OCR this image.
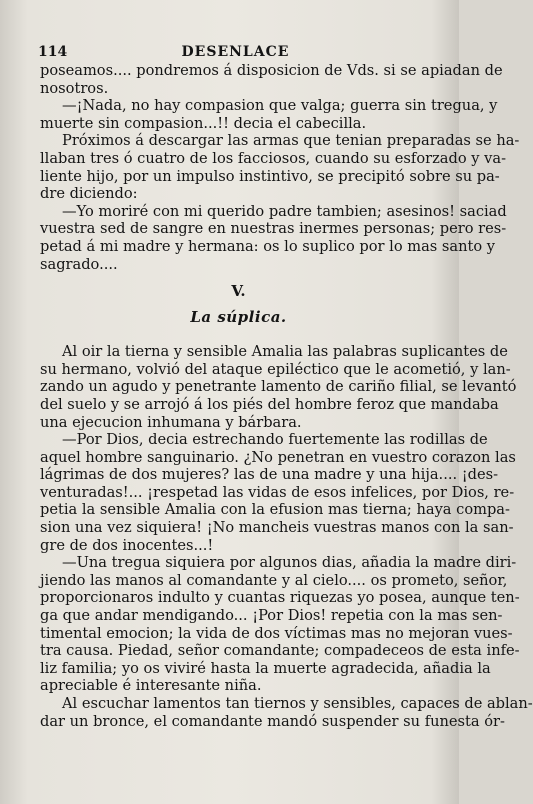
114	DESENLACE
poseamos.... pondremos á disposicion de Vds. si se apiadan de
nosotros.
—¡Nada, no hay compasion que valga; guerra sin tregua, y
muerte sin compasion...!! decia el cabecilla.
Próximos á descargar las armas que tenian preparadas se ha-
llaban tres ó cuatro de los facciosos, cuando su esforzado y va-
liente hijo, por un impulso instintivo, se precipitó sobre su pa-
dre diciendo:
—Yo moriré con mi querido padre tambien; asesinos! saciad
vuestra sed de sangre en nuestras inermes personas; pero res-
petad á mi madre y hermana: os lo suplico por lo mas santo y
sagrado....
V.
La súplica.
Al oir la tierna y sensible Amalia las palabras suplicantes de
su hermano, volvió del ataque epiléctico que le acometió, y lan-
zando un agudo y penetrante lamento de cariño filial, se levantó
del suelo y se arrojó á los piés del hombre feroz que mandaba
una ejecucion inhumana y bárbara.
—Por Dios, decia estrechando fuertemente las rodillas de
aquel hombre sanguinario. ¿No penetran en vuestro corazon las
lágrimas de dos mujeres? las de una madre y una hija.... ¡des-
venturadas!... ¡respetad las vidas de esos infelices, por Dios, re-
petia la sensible Amalia con la efusion mas tierna; haya compa-
sion una vez siquiera! ¡No mancheis vuestras manos con la san-
gre de dos inocentes...!
—Una tregua siquiera por algunos dias, añadia la madre diri-
jiendo las manos al comandante y al cielo.... os prometo, señor,
proporcionaros indulto y cuantas riquezas yo posea, aunque ten-
ga que andar mendigando... ¡Por Dios! repetia con la mas sen-
timental emocion; la vida de dos víctimas mas no mejoran vues-
tra causa. Piedad, señor comandante; compadeceos de esta infe-
liz familia; yo os viviré hasta la muerte agradecida, añadia la
apreciable é interesante niña.
Al escuchar lamentos tan tiernos y sensibles, capaces de ablan-
dar un bronce, el comandante mandó suspender su funesta ór-
